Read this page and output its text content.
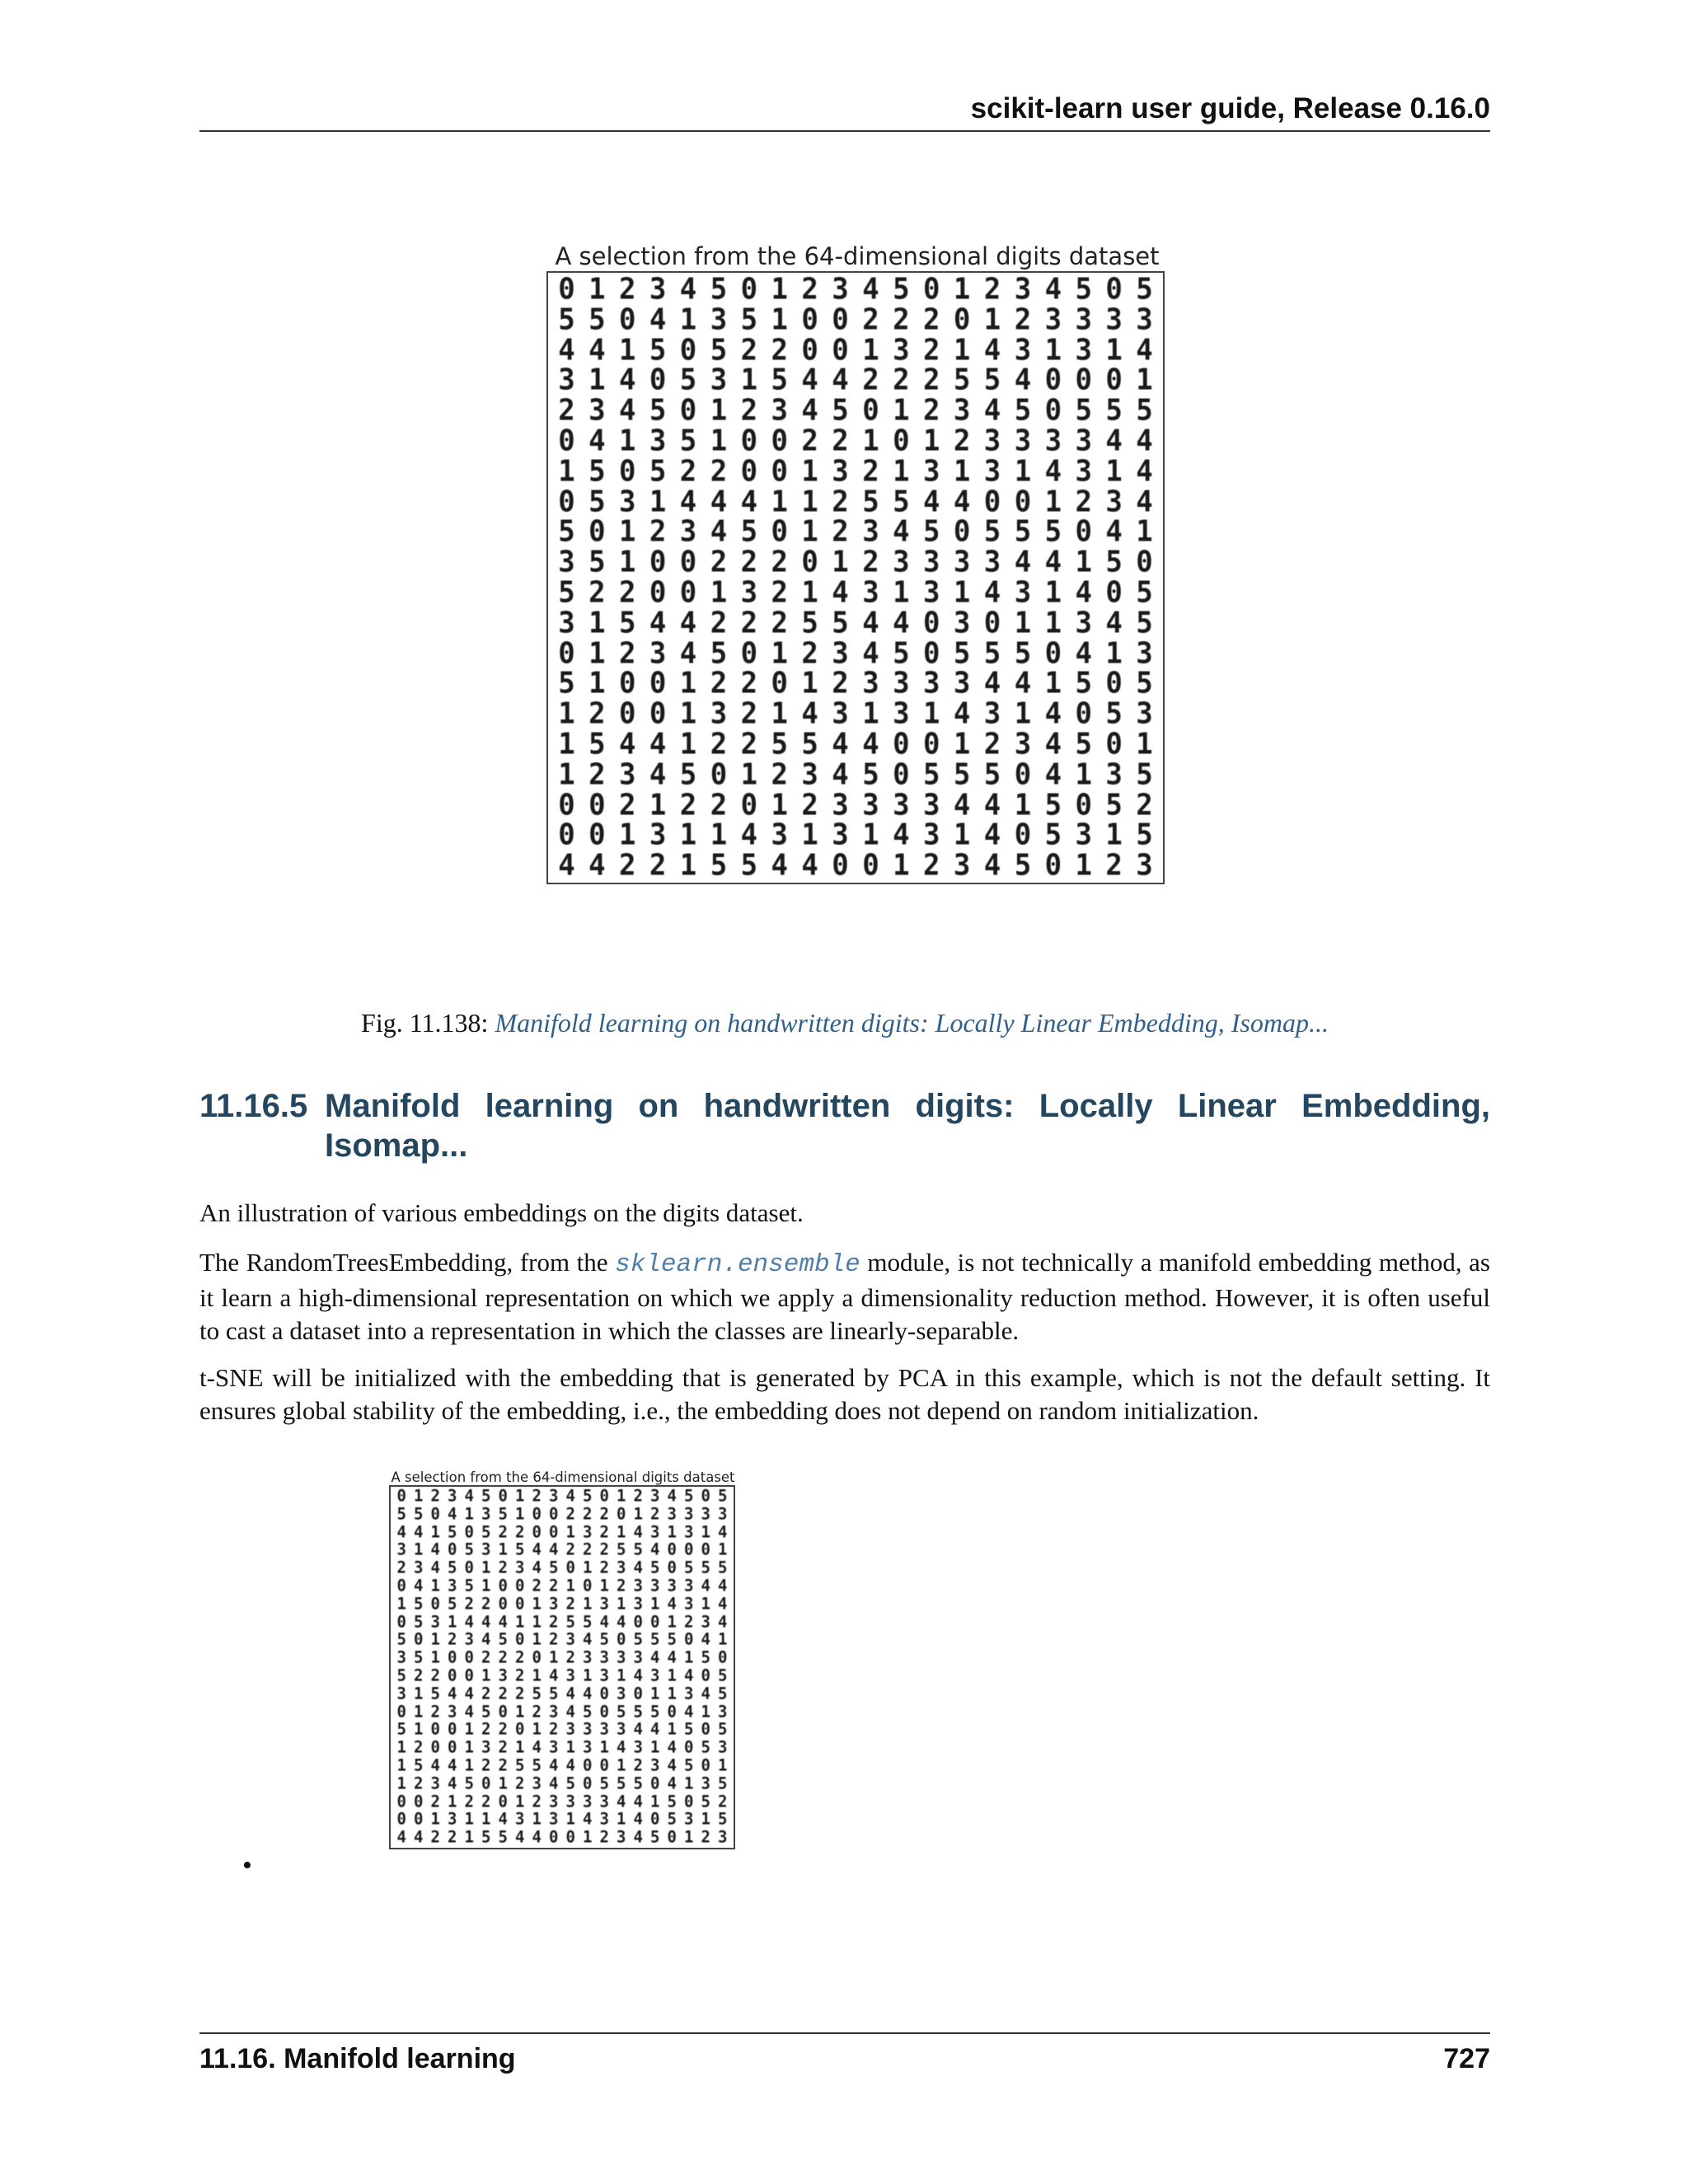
scikit-learn user guide, Release 0.16.0
A selection from the 64-dimensional digits dataset
0 1 2 3 4 5 0 1 2 3 4 5 0 1 2 3 4 5 0 5
5 5 0 4 1 3 5 1 0 0 2 2 2 0 1 2 3 3 3 3
4 4 1 5 0 5 2 2 0 0 1 3 2 1 4 3 1 3 1 4
3 1 4 0 5 3 1 5 4 4 2 2 2 5 5 4 0 0 0 1
2 3 4 5 0 1 2 3 4 5 0 1 2 3 4 5 0 5 5 5
0 4 1 3 5 1 0 0 2 2 1 0 1 2 3 3 3 3 4 4
1 5 0 5 2 2 0 0 1 3 2 1 3 1 3 1 4 3 1 4
0 5 3 1 4 4 4 1 1 2 5 5 4 4 0 0 1 2 3 4
5 0 1 2 3 4 5 0 1 2 3 4 5 0 5 5 5 0 4 1
3 5 1 0 0 2 2 2 0 1 2 3 3 3 3 4 4 1 5 0
5 2 2 0 0 1 3 2 1 4 3 1 3 1 4 3 1 4 0 5
3 1 5 4 4 2 2 2 5 5 4 4 0 3 0 1 1 3 4 5
0 1 2 3 4 5 0 1 2 3 4 5 0 5 5 5 0 4 1 3
5 1 0 0 1 2 2 0 1 2 3 3 3 3 4 4 1 5 0 5
1 2 0 0 1 3 2 1 4 3 1 3 1 4 3 1 4 0 5 3
1 5 4 4 1 2 2 5 5 4 4 0 0 1 2 3 4 5 0 1
1 2 3 4 5 0 1 2 3 4 5 0 5 5 5 0 4 1 3 5
0 0 2 1 2 2 0 1 2 3 3 3 3 4 4 1 5 0 5 2
0 0 1 3 1 1 4 3 1 3 1 4 3 1 4 0 5 3 1 5
4 4 2 2 1 5 5 4 4 0 0 1 2 3 4 5 0 1 2 3
Fig. 11.138: Manifold learning on handwritten digits: Locally Linear Embedding, Isomap...
11.16.5 Manifold learning on handwritten digits: Locally Linear Embedding, Isomap...
An illustration of various embeddings on the digits dataset.
The RandomTreesEmbedding, from the sklearn.ensemble module, is not technically a manifold embedding method, as it learn a high-dimensional representation on which we apply a dimensionality reduction method. However, it is often useful to cast a dataset into a representation in which the classes are linearly-separable.
t-SNE will be initialized with the embedding that is generated by PCA in this example, which is not the default setting. It ensures global stability of the embedding, i.e., the embedding does not depend on random initialization.
A selection from the 64-dimensional digits dataset
0 1 2 3 4 5 0 1 2 3 4 5 0 1 2 3 4 5 0 5
5 5 0 4 1 3 5 1 0 0 2 2 2 0 1 2 3 3 3 3
4 4 1 5 0 5 2 2 0 0 1 3 2 1 4 3 1 3 1 4
3 1 4 0 5 3 1 5 4 4 2 2 2 5 5 4 0 0 0 1
2 3 4 5 0 1 2 3 4 5 0 1 2 3 4 5 0 5 5 5
0 4 1 3 5 1 0 0 2 2 1 0 1 2 3 3 3 3 4 4
1 5 0 5 2 2 0 0 1 3 2 1 3 1 3 1 4 3 1 4
0 5 3 1 4 4 4 1 1 2 5 5 4 4 0 0 1 2 3 4
5 0 1 2 3 4 5 0 1 2 3 4 5 0 5 5 5 0 4 1
3 5 1 0 0 2 2 2 0 1 2 3 3 3 3 4 4 1 5 0
5 2 2 0 0 1 3 2 1 4 3 1 3 1 4 3 1 4 0 5
3 1 5 4 4 2 2 2 5 5 4 4 0 3 0 1 1 3 4 5
0 1 2 3 4 5 0 1 2 3 4 5 0 5 5 5 0 4 1 3
5 1 0 0 1 2 2 0 1 2 3 3 3 3 4 4 1 5 0 5
1 2 0 0 1 3 2 1 4 3 1 3 1 4 3 1 4 0 5 3
1 5 4 4 1 2 2 5 5 4 4 0 0 1 2 3 4 5 0 1
1 2 3 4 5 0 1 2 3 4 5 0 5 5 5 0 4 1 3 5
0 0 2 1 2 2 0 1 2 3 3 3 3 4 4 1 5 0 5 2
0 0 1 3 1 1 4 3 1 3 1 4 3 1 4 0 5 3 1 5
4 4 2 2 1 5 5 4 4 0 0 1 2 3 4 5 0 1 2 3
•
11.16. Manifold learning	727
